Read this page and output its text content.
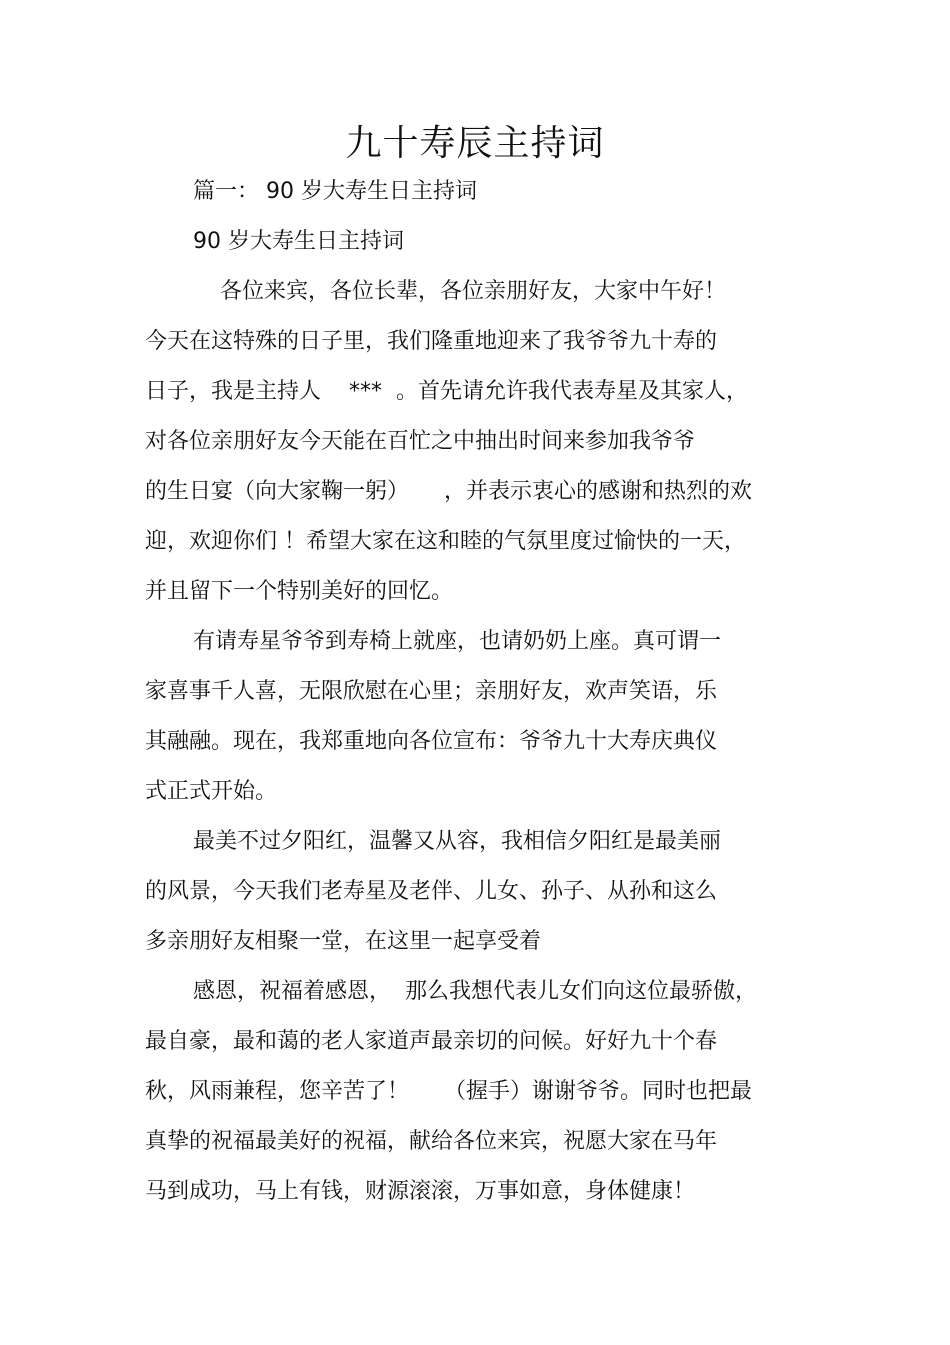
九十寿辰主持词
篇一： 90 岁大寿生日主持词
90 岁大寿生日主持词
各位来宾，各位长辈，各位亲朋好友，大家中午好！
今天在这特殊的日子里，我们隆重地迎来了我爷爷九十寿的
日子，我是主持人    ***  。首先请允许我代表寿星及其家人，
对各位亲朋好友今天能在百忙之中抽出时间来参加我爷爷
的生日宴（向大家鞠一躬）     ，并表示衷心的感谢和热烈的欢
迎，欢迎你们 ！希望大家在这和睦的气氛里度过愉快的一天，
并且留下一个特别美好的回忆。
有请寿星爷爷到寿椅上就座，也请奶奶上座。真可谓一
家喜事千人喜，无限欣慰在心里；亲朋好友，欢声笑语，乐
其融融。现在，我郑重地向各位宣布：爷爷九十大寿庆典仪
式正式开始。
最美不过夕阳红，温馨又从容，我相信夕阳红是最美丽
的风景，今天我们老寿星及老伴、儿女、孙子、从孙和这么
多亲朋好友相聚一堂，在这里一起享受着
感恩，祝福着感恩，  那么我想代表儿女们向这位最骄傲，
最自豪，最和蔼的老人家道声最亲切的问候。好好九十个春
秋，风雨兼程，您辛苦了！     （握手）谢谢爷爷。同时也把最
真挚的祝福最美好的祝福，献给各位来宾，祝愿大家在马年
马到成功，马上有钱，财源滚滚，万事如意，身体健康！
